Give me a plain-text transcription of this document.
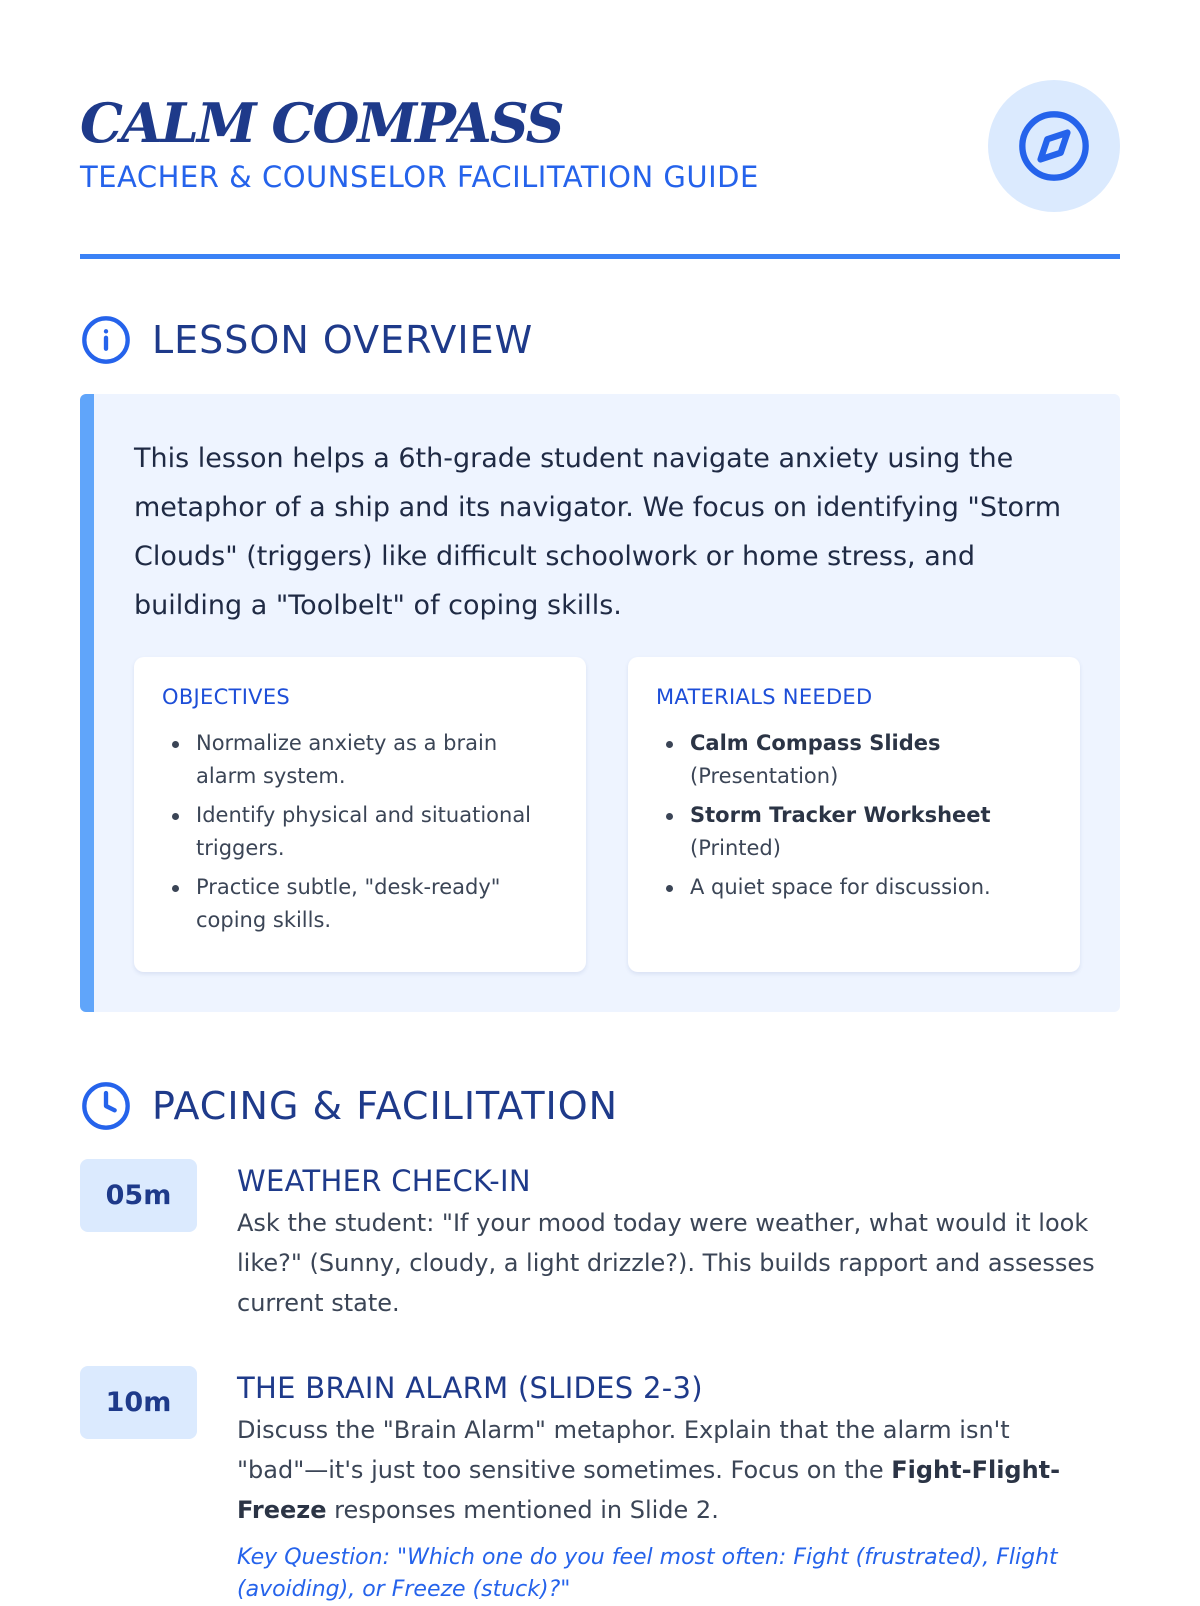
CALM COMPASS
TEACHER & COUNSELOR FACILITATION GUIDE
LESSON OVERVIEW
This lesson helps a 6th-grade student navigate anxiety using the metaphor of a ship and its navigator. We focus on identifying "Storm Clouds" (triggers) like difficult schoolwork or home stress, and building a "Toolbelt" of coping skills.
OBJECTIVES
Normalize anxiety as a brain alarm system.
Identify physical and situational triggers.
Practice subtle, "desk-ready" coping skills.
MATERIALS NEEDED
Calm Compass Slides (Presentation)
Storm Tracker Worksheet (Printed)
A quiet space for discussion.
PACING & FACILITATION
05m	WEATHER CHECK-IN
Ask the student: "If your mood today were weather, what would it look like?" (Sunny, cloudy, a light drizzle?). This builds rapport and assesses current state.
10m	THE BRAIN ALARM (SLIDES 2-3)
Discuss the "Brain Alarm" metaphor. Explain that the alarm isn't "bad"—it's just too sensitive sometimes. Focus on the Fight-Flight-Freeze responses mentioned in Slide 2.
Key Question: "Which one do you feel most often: Fight (frustrated), Flight (avoiding), or Freeze (stuck)?"
